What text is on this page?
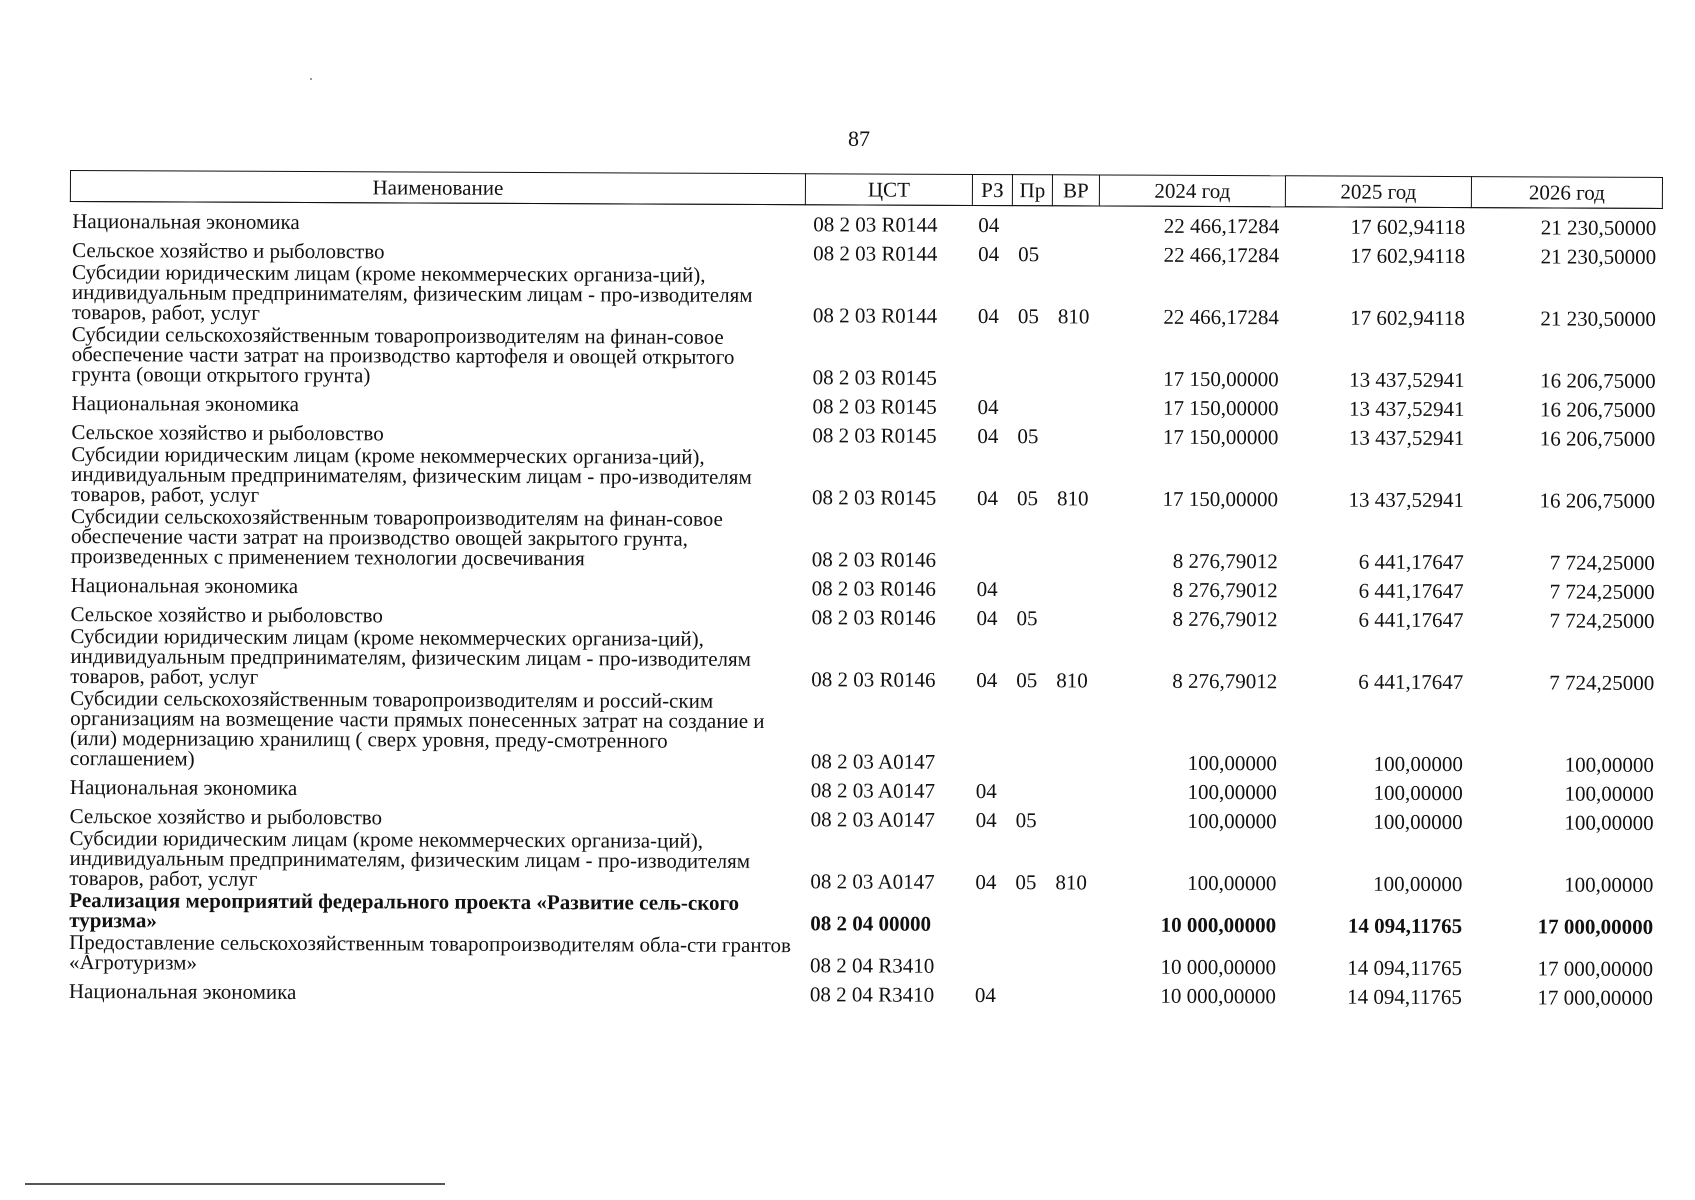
87
Наименование	ЦСТ	РЗ	Пр	ВР	2024 год	2025 год	2026 год
Национальная экономика	08 2 03 R0144	04			22 466,17284	17 602,94118	21 230,50000
Сельское хозяйство и рыболовство	08 2 03 R0144	04	05		22 466,17284	17 602,94118	21 230,50000
Субсидии юридическим лицам (кроме некоммерческих организа-ций), индивидуальным предпринимателям, физическим лицам - про-изводителям товаров, работ, услуг	08 2 03 R0144	04	05	810	22 466,17284	17 602,94118	21 230,50000
Субсидии сельскохозяйственным товаропроизводителям на финан-совое обеспечение части затрат на производство картофеля и овощей открытого грунта (овощи открытого грунта)	08 2 03 R0145				17 150,00000	13 437,52941	16 206,75000
Национальная экономика	08 2 03 R0145	04			17 150,00000	13 437,52941	16 206,75000
Сельское хозяйство и рыболовство	08 2 03 R0145	04	05		17 150,00000	13 437,52941	16 206,75000
Субсидии юридическим лицам (кроме некоммерческих организа-ций), индивидуальным предпринимателям, физическим лицам - про-изводителям товаров, работ, услуг	08 2 03 R0145	04	05	810	17 150,00000	13 437,52941	16 206,75000
Субсидии сельскохозяйственным товаропроизводителям на финан-совое обеспечение части затрат на производство овощей закрытого грунта, произведенных с применением технологии досвечивания	08 2 03 R0146				8 276,79012	6 441,17647	7 724,25000
Национальная экономика	08 2 03 R0146	04			8 276,79012	6 441,17647	7 724,25000
Сельское хозяйство и рыболовство	08 2 03 R0146	04	05		8 276,79012	6 441,17647	7 724,25000
Субсидии юридическим лицам (кроме некоммерческих организа-ций), индивидуальным предпринимателям, физическим лицам - про-изводителям товаров, работ, услуг	08 2 03 R0146	04	05	810	8 276,79012	6 441,17647	7 724,25000
Субсидии сельскохозяйственным товаропроизводителям и россий-ским организациям на возмещение части прямых понесенных затрат на создание и (или) модернизацию хранилищ ( сверх уровня, преду-смотренного соглашением)	08 2 03 A0147				100,00000	100,00000	100,00000
Национальная экономика	08 2 03 A0147	04			100,00000	100,00000	100,00000
Сельское хозяйство и рыболовство	08 2 03 A0147	04	05		100,00000	100,00000	100,00000
Субсидии юридическим лицам (кроме некоммерческих организа-ций), индивидуальным предпринимателям, физическим лицам - про-изводителям товаров, работ, услуг	08 2 03 A0147	04	05	810	100,00000	100,00000	100,00000
Реализация мероприятий федерального проекта «Развитие сель-ского туризма»	08 2 04 00000				10 000,00000	14 094,11765	17 000,00000
Предоставление сельскохозяйственным товаропроизводителям обла-сти грантов «Агротуризм»	08 2 04 R3410				10 000,00000	14 094,11765	17 000,00000
Национальная экономика	08 2 04 R3410	04			10 000,00000	14 094,11765	17 000,00000
